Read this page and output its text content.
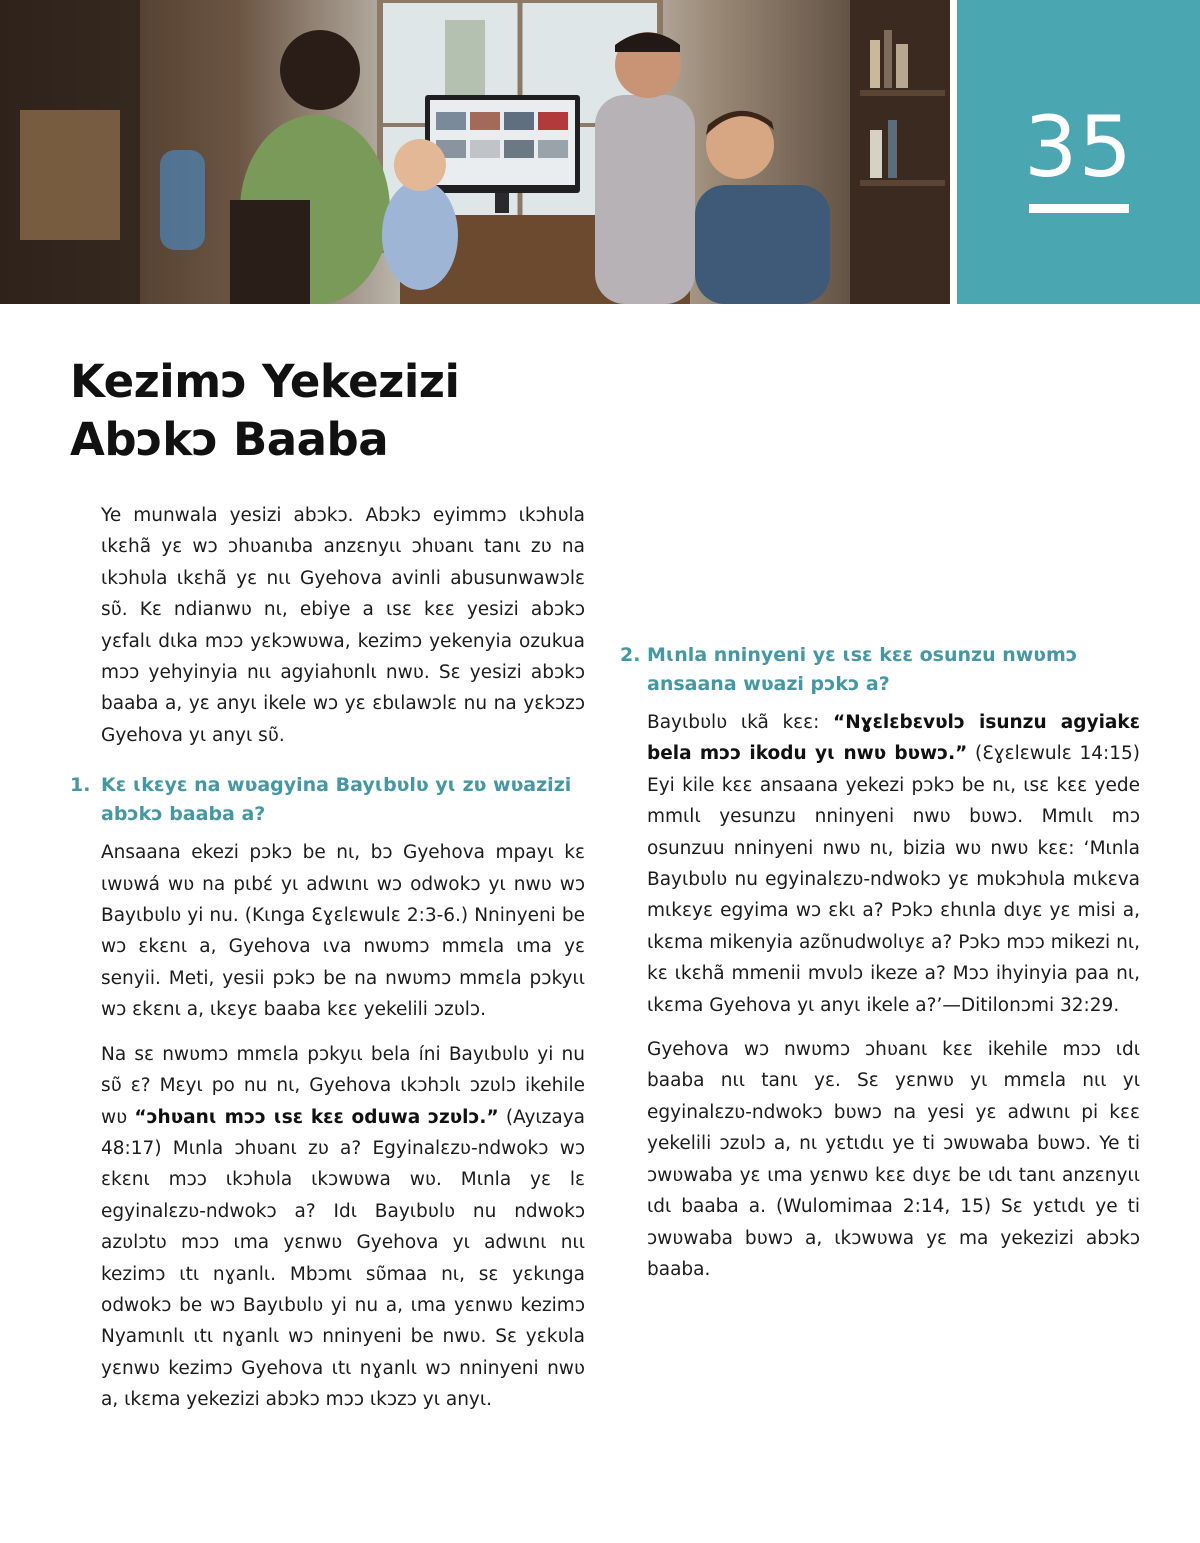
35
Kezimɔ Yekezizi
Abɔkɔ Baaba

Ye munwala yesizi abɔkɔ. Abɔkɔ eyimmɔ ɩkɔhʋla ɩkɛhã yɛ wɔ ɔhʋanɩba anzɛnyɩɩ ɔhʋanɩ tanɩ zʋ na ɩkɔhʋla ɩkɛhã yɛ nɩɩ Gyehova avinli abusunwawɔlɛ sʋ̃. Kɛ ndianwʋ nɩ, ebiye a ɩsɛ kɛɛ yesizi abɔkɔ yɛfalɩ dɩka mɔɔ yɛkɔwʋwa, kezimɔ yekenyia ozukua mɔɔ yehyinyia nɩɩ agyiahʋnlɩ nwʋ. Sɛ yesizi abɔkɔ baaba a, yɛ anyɩ ikele wɔ yɛ ɛbɩlawɔlɛ nu na yɛkɔzɔ Gyehova yɩ anyɩ sʋ̃.

1. Kɛ ɩkɛyɛ na wʋagyina Bayɩbʋlʋ yɩ zʋ wʋazizi abɔkɔ baaba a?

Ansaana ekezi pɔkɔ be nɩ, bɔ Gyehova mpayɩ kɛ ɩwʋwá wʋ na pɩbɛ́ yɩ adwɩnɩ wɔ odwokɔ yɩ nwʋ wɔ Bayɩbʋlʋ yi nu. (Kɩnga Ɛɣɛlɛwulɛ 2:3-6.) Nninyeni be wɔ ɛkɛnɩ a, Gyehova ɩva nwʋmɔ mmɛla ɩma yɛ senyii. Meti, yesii pɔkɔ be na nwʋmɔ mmɛla pɔkyɩɩ wɔ ɛkɛnɩ a, ɩkɛyɛ baaba kɛɛ yekelili ɔzʋlɔ.

Na sɛ nwʋmɔ mmɛla pɔkyɩɩ bela íni Bayɩbʋlʋ yi nu sʋ̃ ɛ? Mɛyɩ po nu nɩ, Gyehova ɩkɔhɔlɩ ɔzʋlɔ ikehile wʋ “ɔhʋanɩ mɔɔ ɩsɛ kɛɛ oduwa ɔzʋlɔ.” (Ayɩzaya 48:17) Mɩnla ɔhʋanɩ zʋ a? Egyinalɛzʋ-ndwokɔ wɔ ɛkɛnɩ mɔɔ ɩkɔhʋla ɩkɔwʋwa wʋ. Mɩnla yɛ lɛ egyinalɛzʋ-ndwokɔ a? Idɩ Bayɩbʋlʋ nu ndwokɔ azʋlɔtʋ mɔɔ ɩma yɛnwʋ Gyehova yɩ adwɩnɩ nɩɩ kezimɔ ɩtɩ nɣanlɩ. Mbɔmɩ sʋ̃maa nɩ, sɛ yɛkɩnga odwokɔ be wɔ Bayɩbʋlʋ yi nu a, ɩma yɛnwʋ kezimɔ Nyamɩnlɩ ɩtɩ nɣanlɩ wɔ nninyeni be nwʋ. Sɛ yɛkʋla yɛnwʋ kezimɔ Gyehova ɩtɩ nɣanlɩ wɔ nninyeni nwʋ a, ɩkɛma yekezizi abɔkɔ mɔɔ ɩkɔzɔ yɩ anyɩ.

2. Mɩnla nninyeni yɛ ɩsɛ kɛɛ osunzu nwʋmɔ ansaana wʋazi pɔkɔ a?

Bayɩbʋlʋ ɩkã kɛɛ: “Nɣɛlɛbɛvʋlɔ isunzu agyiakɛ bela mɔɔ ikodu yɩ nwʋ bʋwɔ.” (Ɛɣɛlɛwulɛ 14:15) Eyi kile kɛɛ ansaana yekezi pɔkɔ be nɩ, ɩsɛ kɛɛ yede mmɩlɩ yesunzu nninyeni nwʋ bʋwɔ. Mmɩlɩ mɔ osunzuu nninyeni nwʋ nɩ, bizia wʋ nwʋ kɛɛ: ‘Mɩnla Bayɩbʋlʋ nu egyinalɛzʋ-ndwokɔ yɛ mʋkɔhʋla mɩkɛva mɩkɛyɛ egyima wɔ ɛkɩ a? Pɔkɔ ɛhɩnla dɩyɛ yɛ misi a, ɩkɛma mikenyia azʋ̃nudwolɩyɛ a? Pɔkɔ mɔɔ mikezi nɩ, kɛ ɩkɛhã mmenii mvʋlɔ ikeze a? Mɔɔ ihyinyia paa nɩ, ɩkɛma Gyehova yɩ anyɩ ikele a?’—Ditilonɔmi 32:29.

Gyehova wɔ nwʋmɔ ɔhʋanɩ kɛɛ ikehile mɔɔ ɩdɩ baaba nɩɩ tanɩ yɛ. Sɛ yɛnwʋ yɩ mmɛla nɩɩ yɩ egyinalɛzʋ-ndwokɔ bʋwɔ na yesi yɛ adwɩnɩ pi kɛɛ yekelili ɔzʋlɔ a, nɩ yɛtɩdɩɩ ye ti ɔwʋwaba bʋwɔ. Ye ti ɔwʋwaba yɛ ɩma yɛnwʋ kɛɛ dɩyɛ be ɩdɩ tanɩ anzɛnyɩɩ ɩdɩ baaba a. (Wulomimaa 2:14, 15) Sɛ yɛtɩdɩ ye ti ɔwʋwaba bʋwɔ a, ɩkɔwʋwa yɛ ma yekezizi abɔkɔ baaba.
